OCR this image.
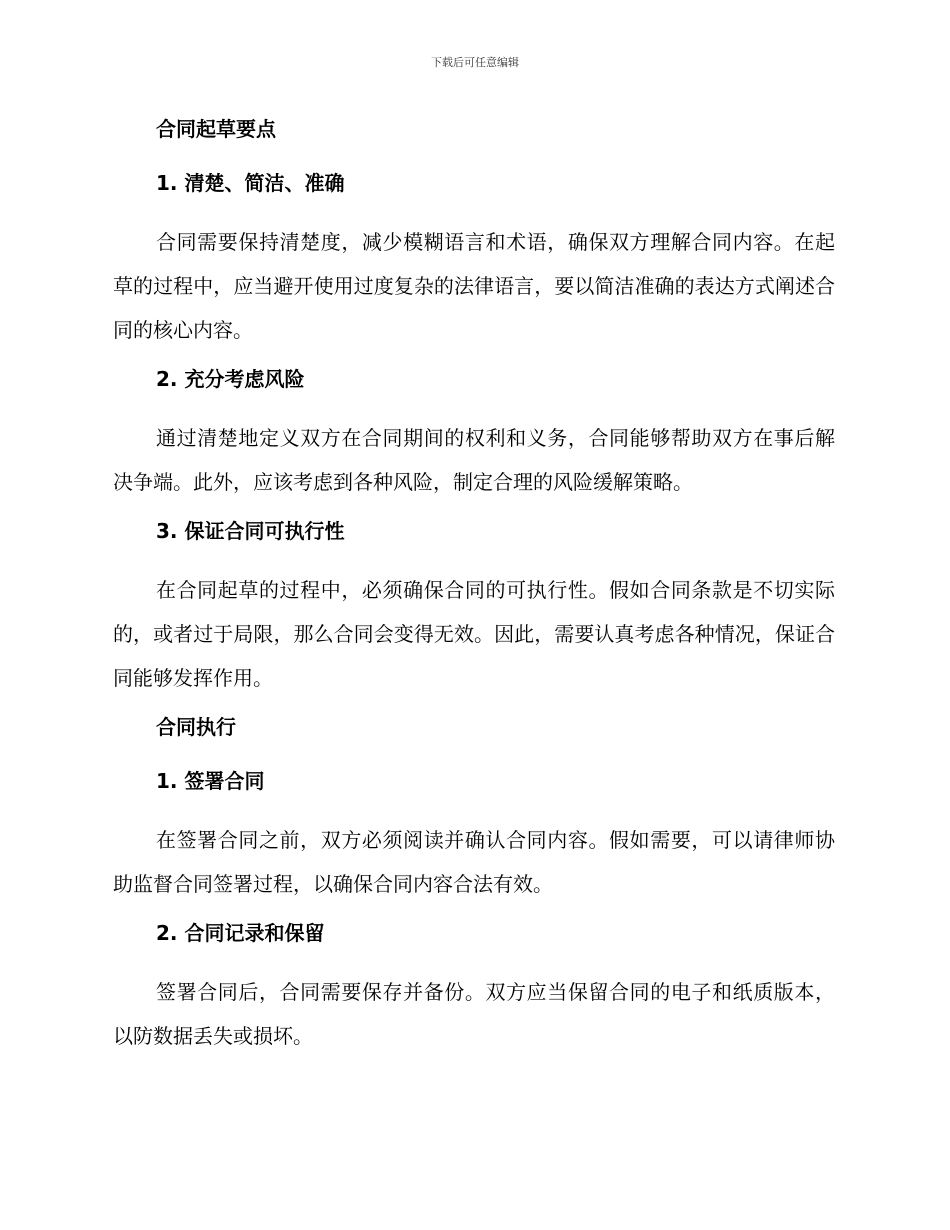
下载后可任意编辑
合同起草要点
1. 清楚、简洁、准确
合同需要保持清楚度，减少模糊语言和术语，确保双方理解合同内容。在起草的过程中，应当避开使用过度复杂的法律语言，要以简洁准确的表达方式阐述合同的核心内容。
2. 充分考虑风险
通过清楚地定义双方在合同期间的权利和义务，合同能够帮助双方在事后解决争端。此外，应该考虑到各种风险，制定合理的风险缓解策略。
3. 保证合同可执行性
在合同起草的过程中，必须确保合同的可执行性。假如合同条款是不切实际的，或者过于局限，那么合同会变得无效。因此，需要认真考虑各种情况，保证合同能够发挥作用。
合同执行
1. 签署合同
在签署合同之前，双方必须阅读并确认合同内容。假如需要，可以请律师协助监督合同签署过程，以确保合同内容合法有效。
2. 合同记录和保留
签署合同后，合同需要保存并备份。双方应当保留合同的电子和纸质版本，以防数据丢失或损坏。
